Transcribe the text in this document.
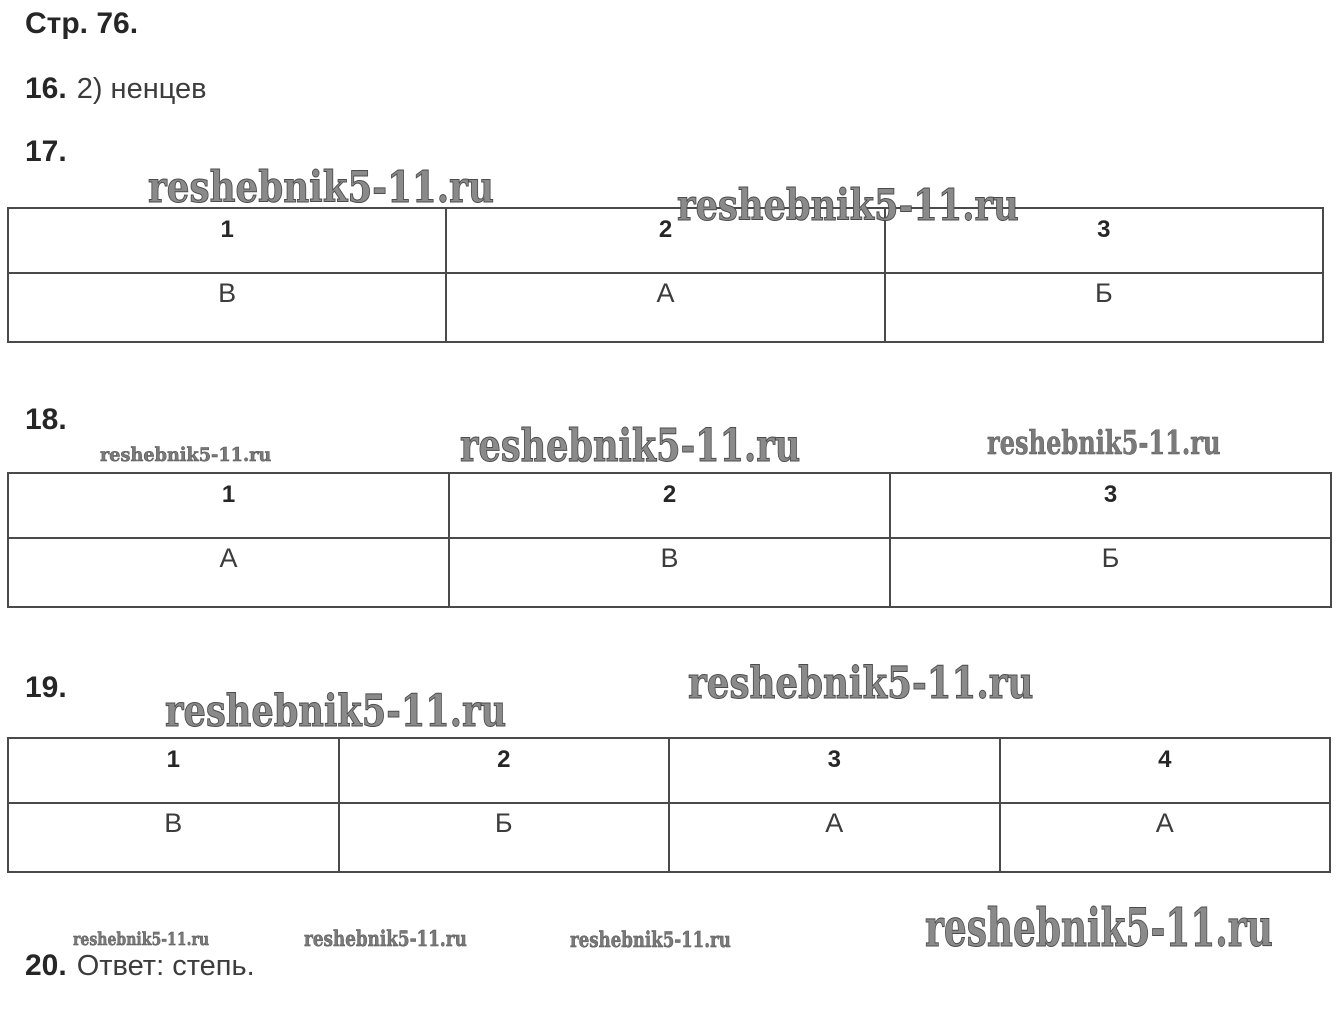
Стр. 76.
16. 2) ненцев
17.
1	2	3
В	А	Б
18.
1	2	3
А	В	Б
19.
1	2	3	4
В	Б	А	А
20. Ответ: степь.
reshebnik5-11.ru	reshebnik5-11.ru
reshebnik5-11.ru	reshebnik5-11.ru	reshebnik5-11.ru
reshebnik5-11.ru
reshebnik5-11.ru
reshebnik5-11.ru	reshebnik5-11.ru	reshebnik5-11.ru	reshebnik5-11.ru
